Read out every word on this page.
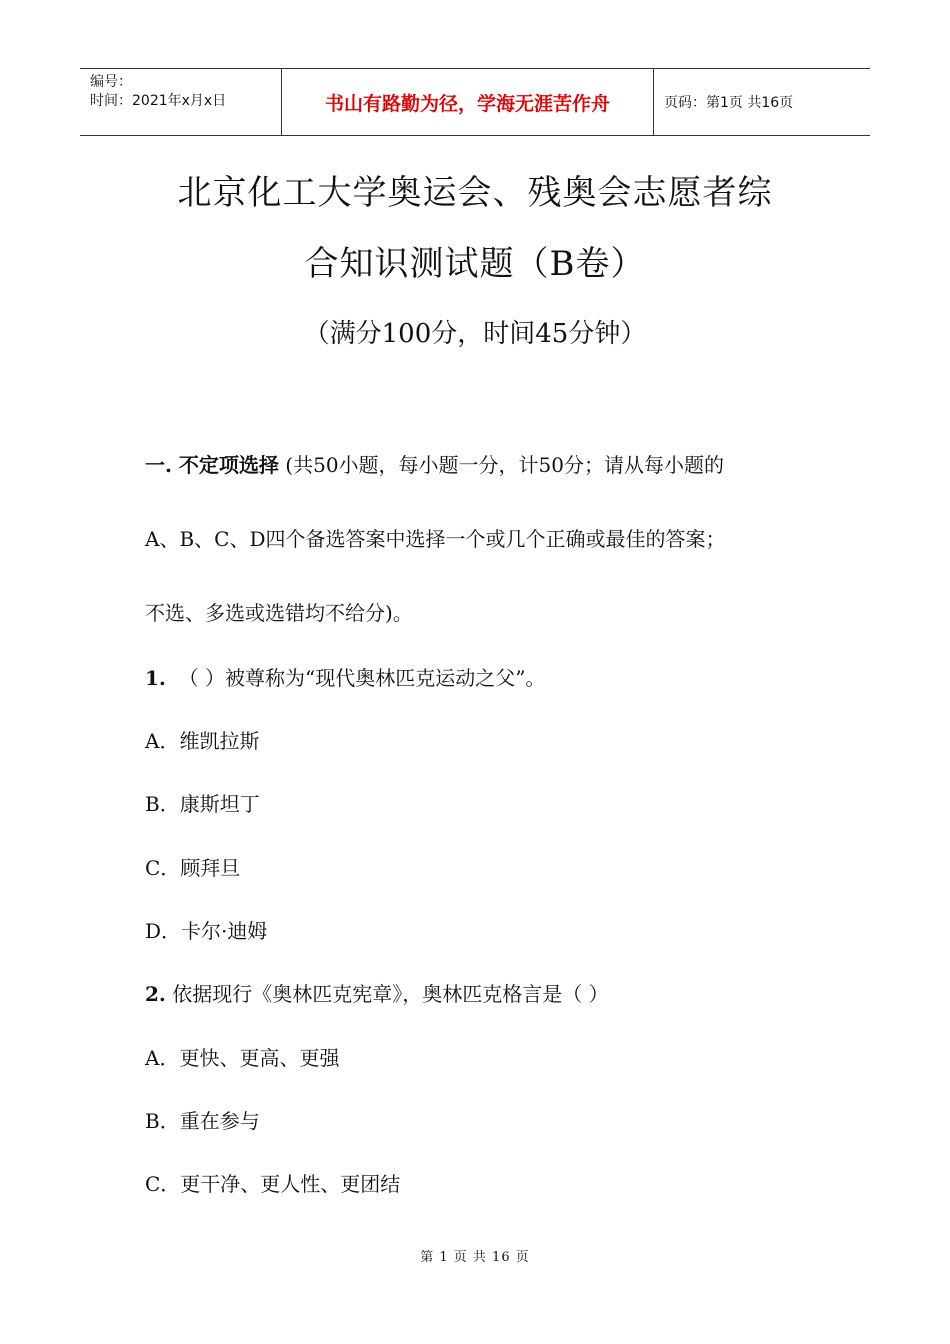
编号：
时间：2021年x月x日	书山有路勤为径，学海无涯苦作舟	页码：第1页 共16页
北京化工大学奥运会、残奥会志愿者综
合知识测试题（B卷）
（满分100分，时间45分钟）
一. 不定项选择 (共50小题，每小题一分，计50分；请从每小题的
A、B、C、D四个备选答案中选择一个或几个正确或最佳的答案；
不选、多选或选错均不给分)。
1. （ ）被尊称为“现代奥林匹克运动之父”。
A．维凯拉斯
B．康斯坦丁
C．顾拜旦
D．卡尔·迪姆
2. 依据现行《奥林匹克宪章》，奥林匹克格言是（ ）
A．更快、更高、更强
B．重在参与
C．更干净、更人性、更团结
第 1 页 共 16 页
